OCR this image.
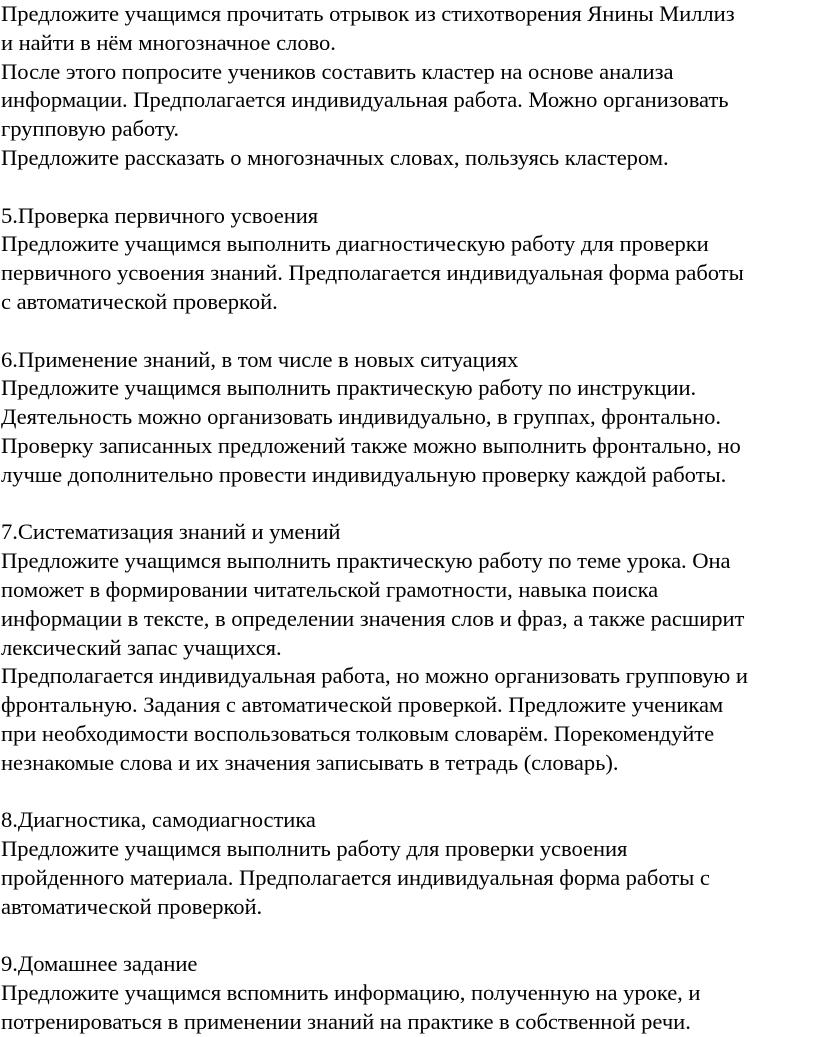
Предложите учащимся прочитать отрывок из стихотворения Янины Миллиз
и найти в нём многозначное слово.

После этого попросите учеников составить кластер на основе анализа
информации. Предполагается индивидуальная работа. Можно организовать
групповую работу.

Предложите рассказать о многозначных словах, пользуясь кластером.

5.Проверка первичного усвоения

Предложите учащимся выполнить диагностическую работу для проверки
первичного усвоения знаний. Предполагается индивидуальная форма работы
с автоматической проверкой.

6.Применение знаний, в том числе в новых ситуациях

Предложите учащимся выполнить практическую работу по инструкции.
Деятельность можно организовать индивидуально, в группах, фронтально.
Проверку записанных предложений также можно выполнить фронтально, но
лучше дополнительно провести индивидуальную проверку каждой работы.

7.Систематизация знаний и умений

Предложите учащимся выполнить практическую работу по теме урока. Она
поможет в формировании читательской грамотности, навыка поиска
информации в тексте, в определении значения слов и фраз, а также расширит
лексический запас учащихся.

Предполагается индивидуальная работа, но можно организовать групповую и
фронтальную. Задания с автоматической проверкой. Предложите ученикам
при необходимости воспользоваться толковым словарём. Порекомендуйте
незнакомые слова и их значения записывать в тетрадь (словарь).

8.Диагностика, самодиагностика

Предложите учащимся выполнить работу для проверки усвоения
пройденного материала. Предполагается индивидуальная форма работы с
автоматической проверкой.

9.Домашнее задание

Предложите учащимся вспомнить информацию, полученную на уроке, и
потренироваться в применении знаний на практике в собственной речи.
